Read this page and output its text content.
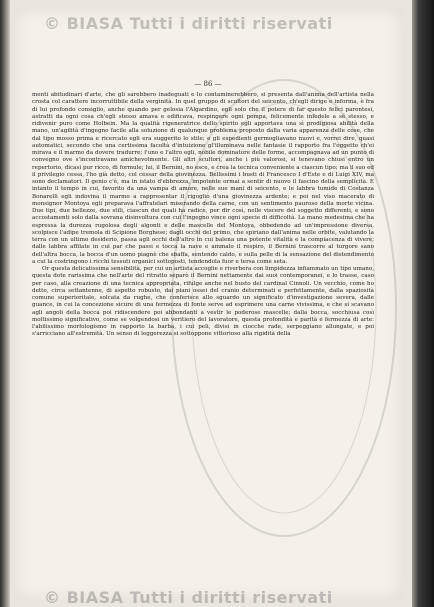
© BIASA Tutti i diritti riservati
— 86 —

menti abitudinari d'arte, che gli sarebbero inadeguati e lo contaminerebbero, si presenta dall'anima dell'artista nella crosta col carattere incorruttibile della verginità. In quel gruppo di scultori del seicento, ch'egli dirige e informa, è fra di lui profondo consiglio, anche quando per gelosia l'Algardino, egli solo che il potere di far questo felici parentesi, astratti da ogni cosa ch'egli stesso amava e edificava, respingere ogni pompa, felicemente infedele a sé stesso, e ridivenir puro come Holbein. Ma la qualità rigeneratrice dello spirito egli apportava una sì prodigiosa abilità della mano, un'agilità d'ingegno facile alla soluzione di qualunque problema proposto dalla varia apparenza delle cose, che dal tipo mosso prima e ricercato egli era suggerito lo stile; e gli espedienti germogliavano nuovi e, vorrei dire, quasi automatici, secondo che una certissima facoltà d'intuizione gl'illuminava nelle fantasie il rapporto fra l'oggetto ch'ei mirava e il marmo da dovere tradurre; l'uno e l'altro egli, nobile dominatore delle forme, accompagnava ad un punto di convegno ove s'incontravano amichevolmente. Gli altri scultori, anche i più valorosi, si tenevano chiusi entro un repertorio, dicasi pur ricco, di formule; lui, il Bernini, no esce, e crea la tecnica conveniente a ciascun tipo; ma il suo ed il privilegio cessa, l'ho già detto, col cessar della giovinezza. Bellissimi i busti di Francesco I d'Este e di Luigi XIV, ma sono declamatori. Il genio c'è, ma in istato d'ebbrezza, impotente ormai a sentir di nuovo il fascino della semplicità. E intanto il tempo in cui, favorito da una vampa di amore, nelle sue mani di seicento, e le labbra tumide di Costanza Bonarelli egli indovina il marmo a rappresentar il rigoglio d'una giovinezza ardente; e poi nel viso macerato di monsignor Montoya egli preparava l'affratelari miserando della carne, con un sentimento pauroso della morte vicina. Due tipi, due bellezze, due stili, ciascun dei quali ha radice, per dir così, nelle viscere del soggetto differenti, e sono accostamenti solo dalla sovrana disinvoltura con cui l'ingegno vince ogni specie di difficoltà. La mano medesima che ha espressa la durezza rugolosa degli algonti e delle mascelle del Montoya, obbedendo ad un'impressione diversa, scolpisce l'adipe tremola di Scipione Borghese; dagli occhi del primo, che spiriano dall'anima nelle orbite, valutando la terra con un ultimo desiderio, passa agli occhi dell'altro in cui balena una potente vitalità e la compiacenza di vivere; dalle labbra affilate in cui par che passi e tocca la nave e ammalo il respiro, il Bernini trascorre al turgore sano dell'altra bocca, la bocca d'un uomo piagnè che sbaffa, sentendo caldo, e sulla pelle di la sensazione del distendimento a cui la costringono i ricchi tessuti organici sottoposti, tendendola fuor e tersa come seta.

Or questa delicatissima sensibilità, per cui un artista accoglie e riverbera con limpidezza infiammato un tipo umano, questa dote rarissima che nell'arte del ritratto separò il Bernini nettamente dai suoi contemporanei, e lo trasse, caso per caso, alla creazione di una tecnica appropriata, rifulge anche nel busto del cardinal Cinnoli. Un vecchio, come ho detto, circa settantenne, di aspetto robusto, dai piani ossei del cranio determinati e perfettamente, dalla spaziosità comune superioritale, solcata da rughe, che conferisce allo sguardo un significato d'investigazione severa, dalle guance, in cui la concezione sicure di una fermezza di fonte serve ad esprimere una carne vivissima, e che si scavano agli angoli della bocca poi ridiscendere poi abbondanti a vestir le poderose mascelle; dalla bocca, socchiusa così moltissimo significativo, come se volgendosi un veritiero del lavoratore, questa profondità e parità e fermezza di arte: l'abilissimo morfologismo in rapporto la barba, i cui peli, divisi in ciocche rade, serpeggiano allungate, e poi s'arricciano all'estremità. Un senso di leggerezza si sottoppone vittorioso alla rigidità della

© BIASA Tutti i diritti riservati
